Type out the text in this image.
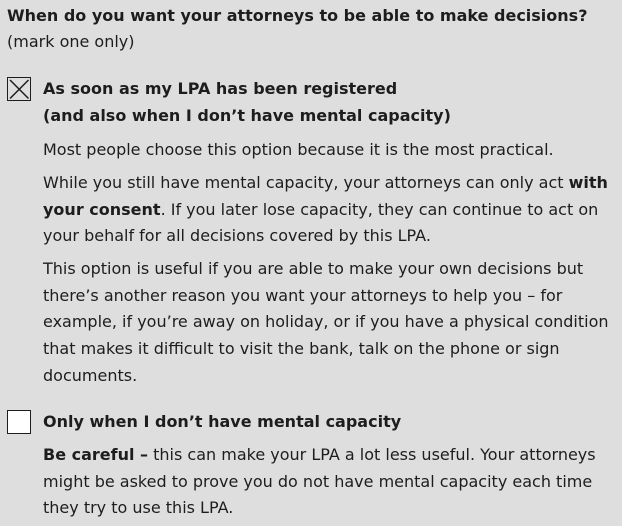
When do you want your attorneys to be able to make decisions?
(mark one only)
As soon as my LPA has been registered
(and also when I don’t have mental capacity)
Most people choose this option because it is the most practical.
While you still have mental capacity, your attorneys can only act with your consent. If you later lose capacity, they can continue to act on your behalf for all decisions covered by this LPA.
This option is useful if you are able to make your own decisions but there’s another reason you want your attorneys to help you – for example, if you’re away on holiday, or if you have a physical condition that makes it difficult to visit the bank, talk on the phone or sign documents.
Only when I don’t have mental capacity
Be careful – this can make your LPA a lot less useful. Your attorneys might be asked to prove you do not have mental capacity each time they try to use this LPA.
